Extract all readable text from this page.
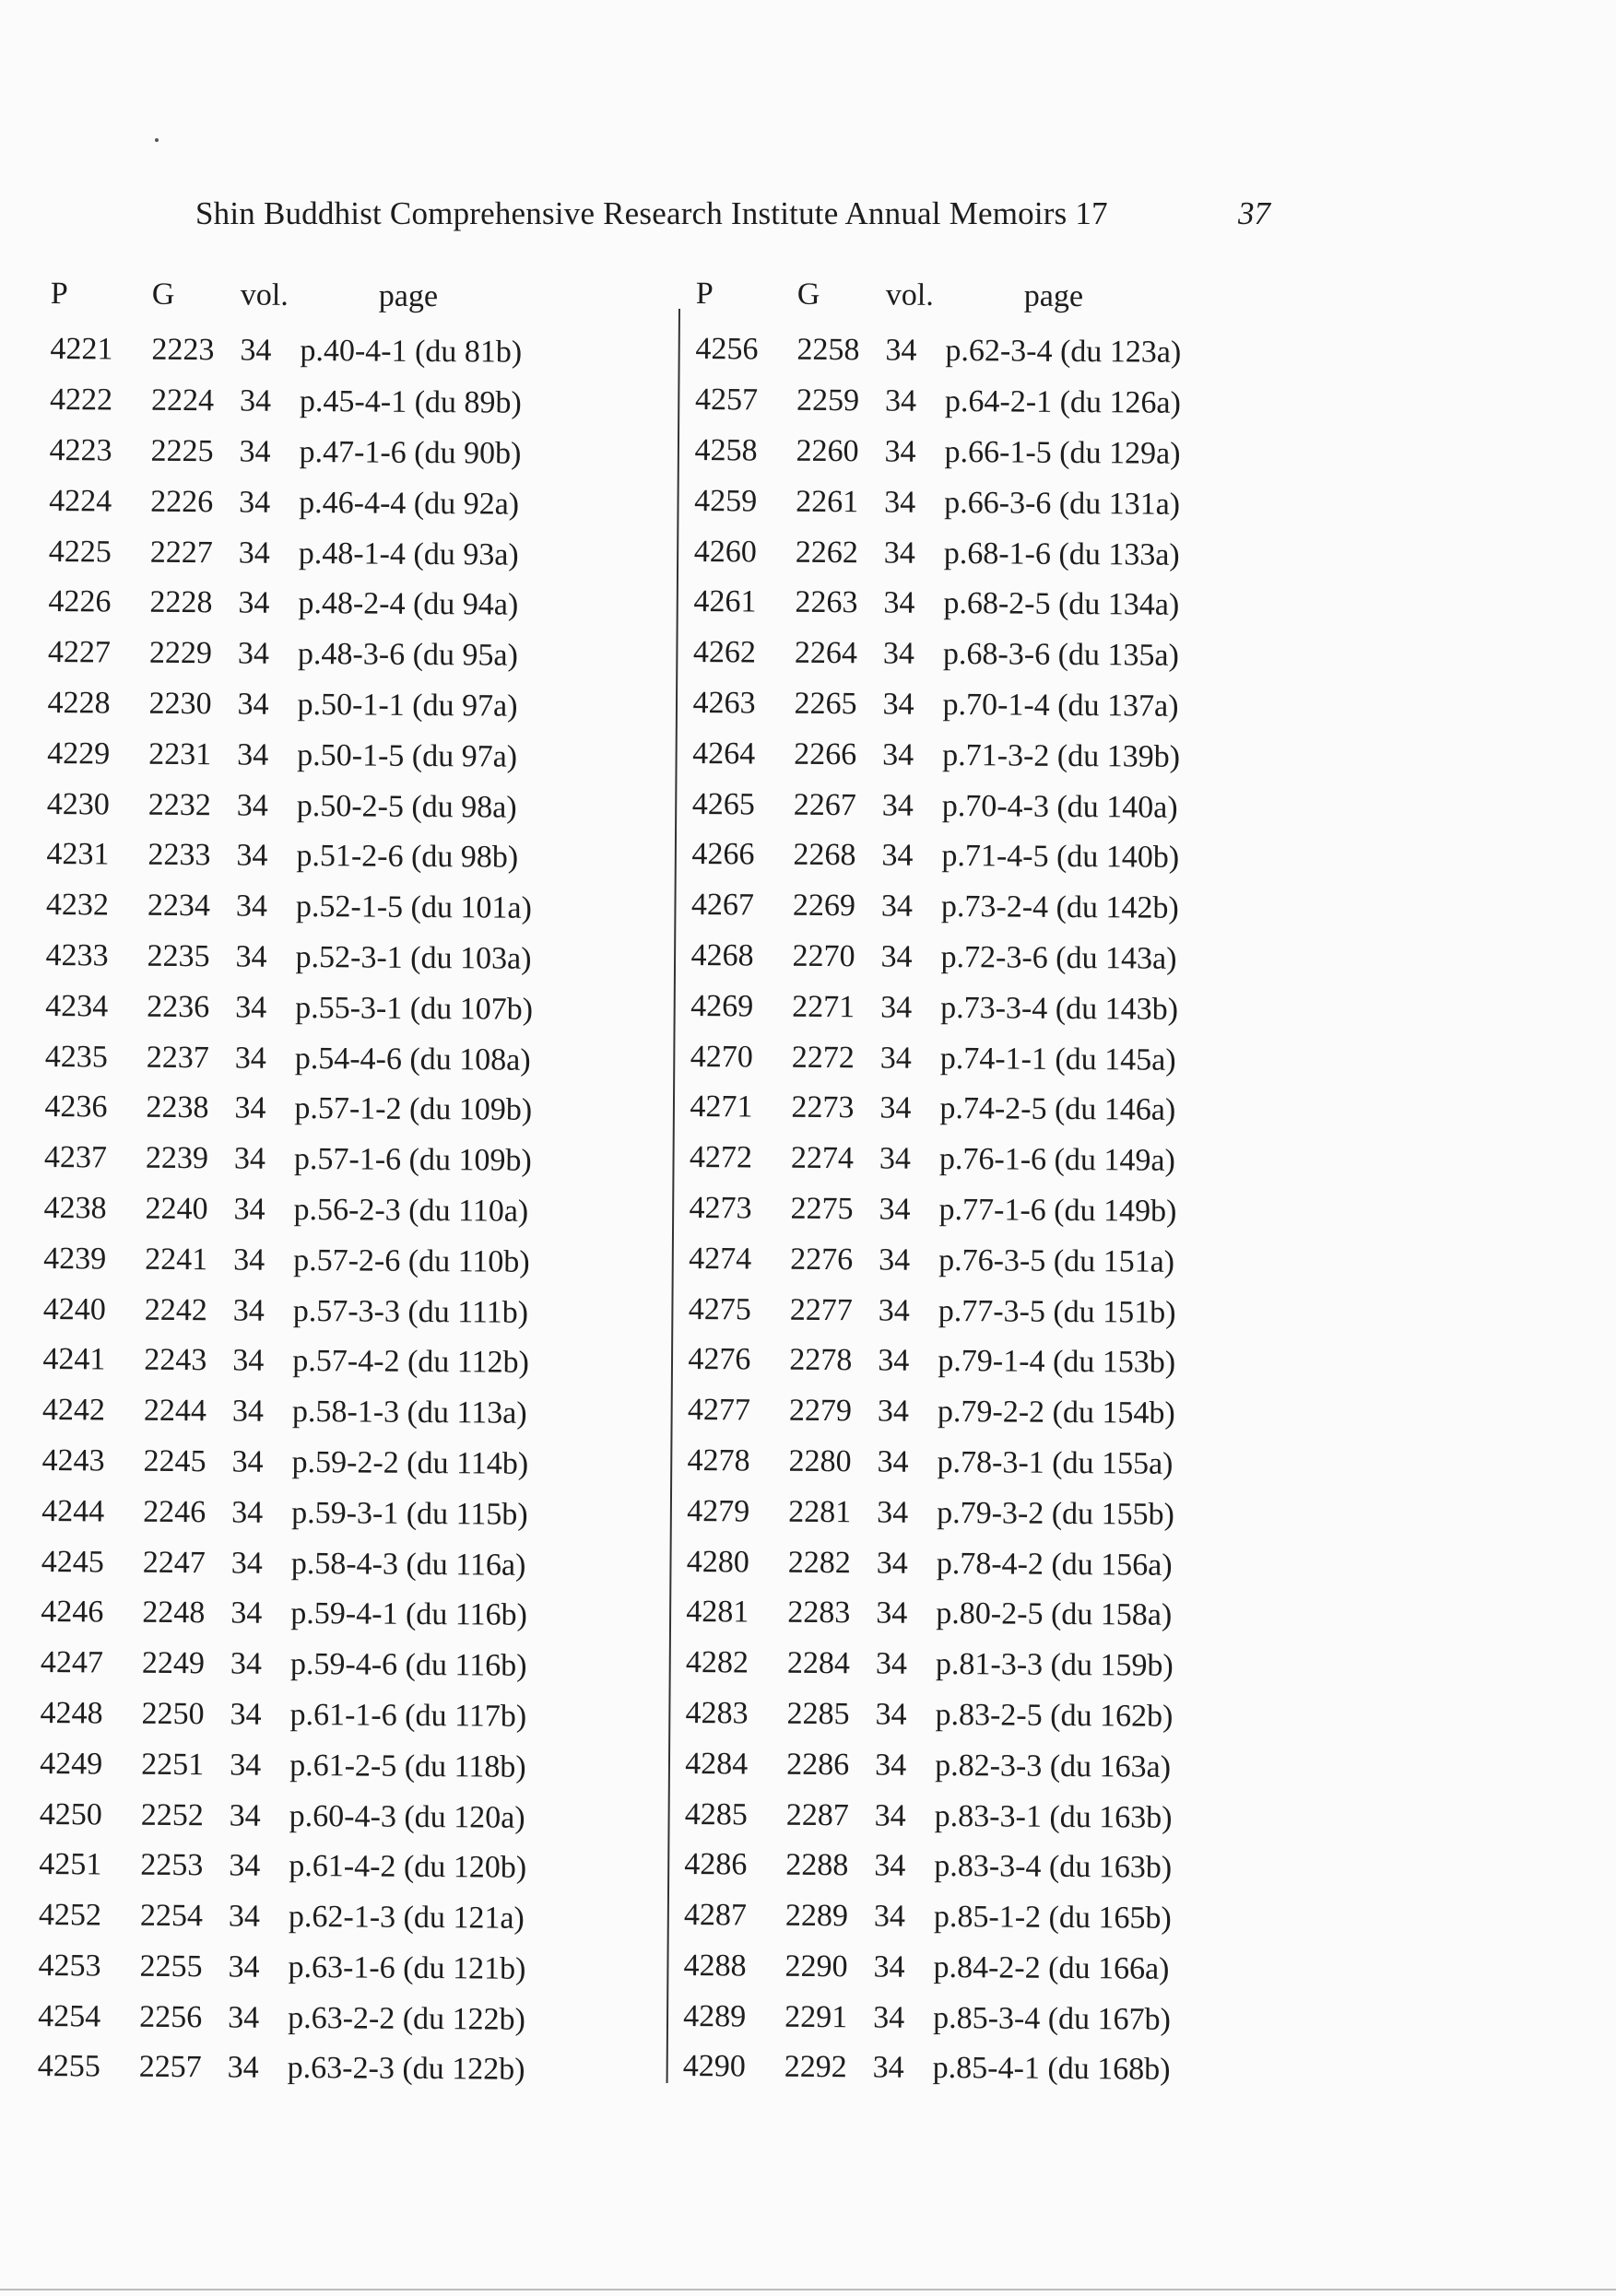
Shin Buddhist Comprehensive Research Institute Annual Memoirs 17	37
P	G	vol.	page
4221	2223	34	p.40-4-1 (du 81b)
4222	2224	34	p.45-4-1 (du 89b)
4223	2225	34	p.47-1-6 (du 90b)
4224	2226	34	p.46-4-4 (du 92a)
4225	2227	34	p.48-1-4 (du 93a)
4226	2228	34	p.48-2-4 (du 94a)
4227	2229	34	p.48-3-6 (du 95a)
4228	2230	34	p.50-1-1 (du 97a)
4229	2231	34	p.50-1-5 (du 97a)
4230	2232	34	p.50-2-5 (du 98a)
4231	2233	34	p.51-2-6 (du 98b)
4232	2234	34	p.52-1-5 (du 101a)
4233	2235	34	p.52-3-1 (du 103a)
4234	2236	34	p.55-3-1 (du 107b)
4235	2237	34	p.54-4-6 (du 108a)
4236	2238	34	p.57-1-2 (du 109b)
4237	2239	34	p.57-1-6 (du 109b)
4238	2240	34	p.56-2-3 (du 110a)
4239	2241	34	p.57-2-6 (du 110b)
4240	2242	34	p.57-3-3 (du 111b)
4241	2243	34	p.57-4-2 (du 112b)
4242	2244	34	p.58-1-3 (du 113a)
4243	2245	34	p.59-2-2 (du 114b)
4244	2246	34	p.59-3-1 (du 115b)
4245	2247	34	p.58-4-3 (du 116a)
4246	2248	34	p.59-4-1 (du 116b)
4247	2249	34	p.59-4-6 (du 116b)
4248	2250	34	p.61-1-6 (du 117b)
4249	2251	34	p.61-2-5 (du 118b)
4250	2252	34	p.60-4-3 (du 120a)
4251	2253	34	p.61-4-2 (du 120b)
4252	2254	34	p.62-1-3 (du 121a)
4253	2255	34	p.63-1-6 (du 121b)
4254	2256	34	p.63-2-2 (du 122b)
4255	2257	34	p.63-2-3 (du 122b)
P	G	vol.	page
4256	2258	34	p.62-3-4 (du 123a)
4257	2259	34	p.64-2-1 (du 126a)
4258	2260	34	p.66-1-5 (du 129a)
4259	2261	34	p.66-3-6 (du 131a)
4260	2262	34	p.68-1-6 (du 133a)
4261	2263	34	p.68-2-5 (du 134a)
4262	2264	34	p.68-3-6 (du 135a)
4263	2265	34	p.70-1-4 (du 137a)
4264	2266	34	p.71-3-2 (du 139b)
4265	2267	34	p.70-4-3 (du 140a)
4266	2268	34	p.71-4-5 (du 140b)
4267	2269	34	p.73-2-4 (du 142b)
4268	2270	34	p.72-3-6 (du 143a)
4269	2271	34	p.73-3-4 (du 143b)
4270	2272	34	p.74-1-1 (du 145a)
4271	2273	34	p.74-2-5 (du 146a)
4272	2274	34	p.76-1-6 (du 149a)
4273	2275	34	p.77-1-6 (du 149b)
4274	2276	34	p.76-3-5 (du 151a)
4275	2277	34	p.77-3-5 (du 151b)
4276	2278	34	p.79-1-4 (du 153b)
4277	2279	34	p.79-2-2 (du 154b)
4278	2280	34	p.78-3-1 (du 155a)
4279	2281	34	p.79-3-2 (du 155b)
4280	2282	34	p.78-4-2 (du 156a)
4281	2283	34	p.80-2-5 (du 158a)
4282	2284	34	p.81-3-3 (du 159b)
4283	2285	34	p.83-2-5 (du 162b)
4284	2286	34	p.82-3-3 (du 163a)
4285	2287	34	p.83-3-1 (du 163b)
4286	2288	34	p.83-3-4 (du 163b)
4287	2289	34	p.85-1-2 (du 165b)
4288	2290	34	p.84-2-2 (du 166a)
4289	2291	34	p.85-3-4 (du 167b)
4290	2292	34	p.85-4-1 (du 168b)
